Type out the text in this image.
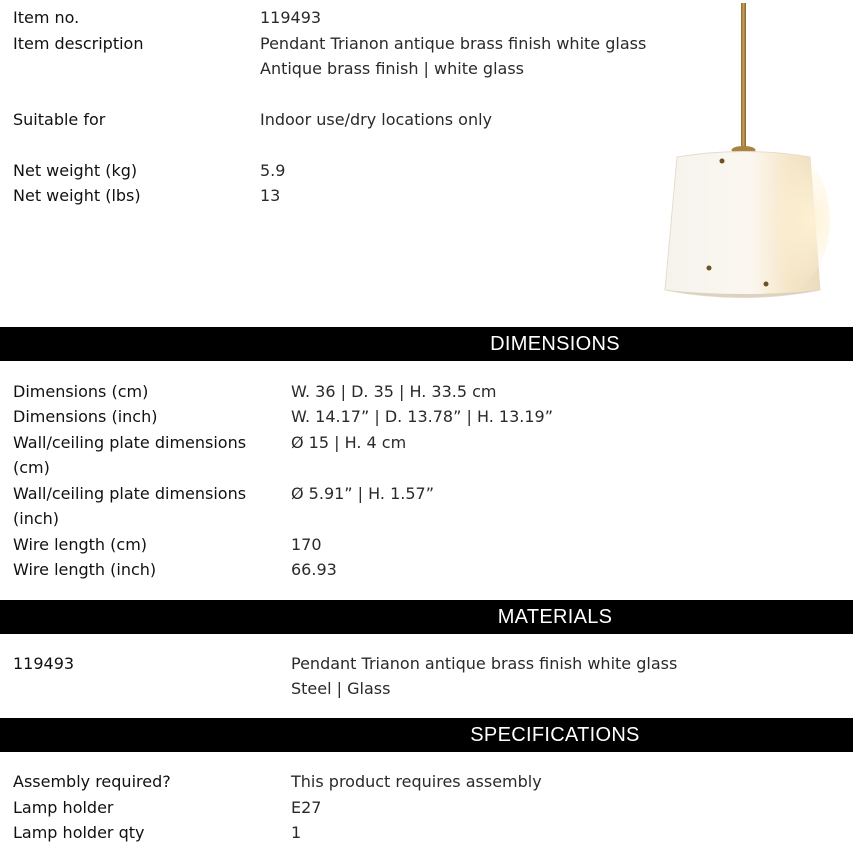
Item no.	119493
Item description	Pendant Trianon antique brass finish white glass
Antique brass finish | white glass
Suitable for	Indoor use/dry locations only
Net weight (kg)	5.9
Net weight (lbs)	13
DIMENSIONS
Dimensions (cm)	W. 36 | D. 35 | H. 33.5 cm
Dimensions (inch)	W. 14.17” | D. 13.78” | H. 13.19”
Wall/ceiling plate dimensions	Ø 15 | H. 4 cm
(cm)
Wall/ceiling plate dimensions	Ø 5.91” | H. 1.57”
(inch)
Wire length (cm)	170
Wire length (inch)	66.93
MATERIALS
119493	Pendant Trianon antique brass finish white glass
Steel | Glass
SPECIFICATIONS
Assembly required?	This product requires assembly
Lamp holder	E27
Lamp holder qty	1
